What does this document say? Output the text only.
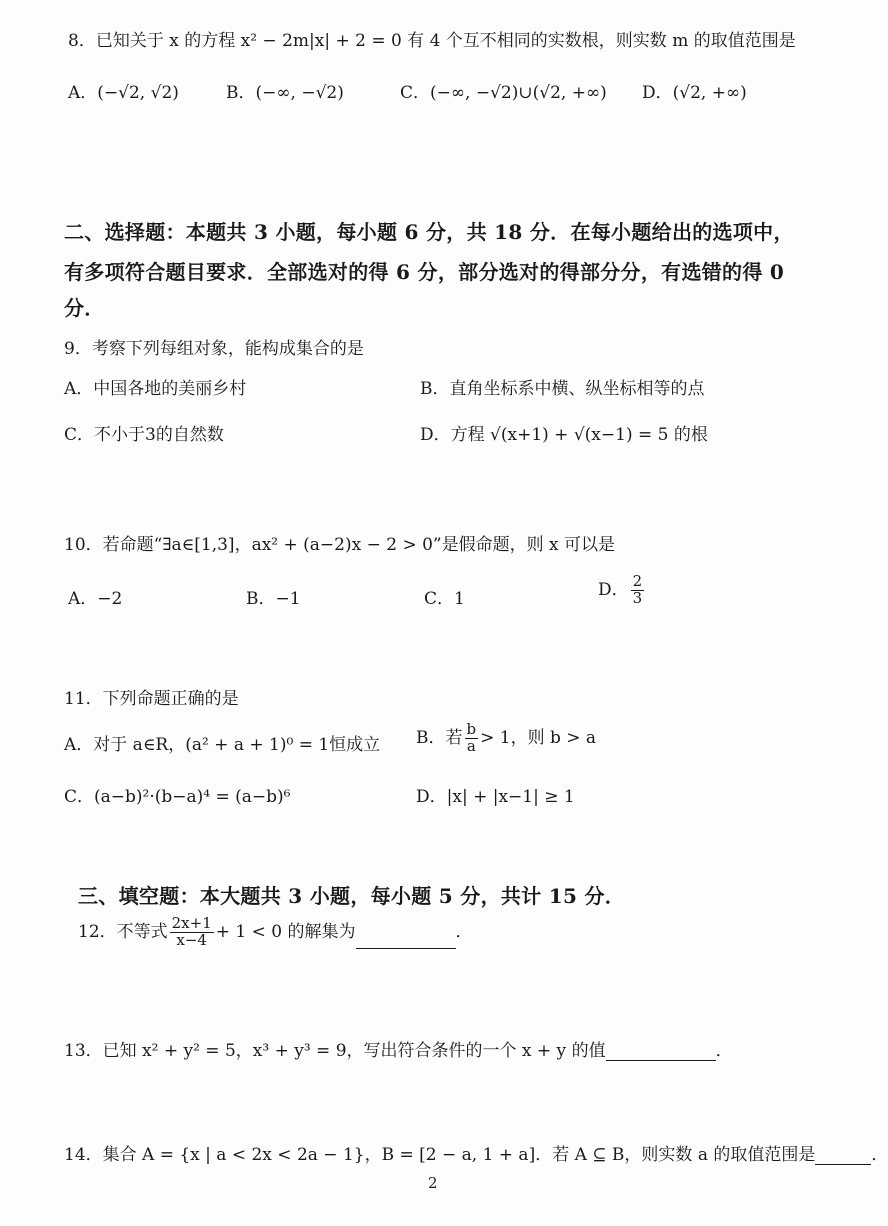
8．已知关于 x 的方程 x² − 2m|x| + 2 = 0 有 4 个互不相同的实数根，则实数 m 的取值范围是
A．(−√2, √2)	B．(−∞, −√2)	C．(−∞, −√2)∪(√2, +∞) D．(√2, +∞)
二、选择题：本题共 3 小题，每小题 6 分，共 18 分．在每小题给出的选项中，
有多项符合题目要求．全部选对的得 6 分，部分选对的得部分分，有选错的得 0
分．
9．考察下列每组对象，能构成集合的是
A．中国各地的美丽乡村	B．直角坐标系中横、纵坐标相等的点
C．不小于3的自然数	D．方程 √(x+1) + √(x−1) = 5 的根
10．若命题“∃a∈[1,3]，ax² + (a−2)x − 2 > 0”是假命题，则 x 可以是
A．−2	B．−1	C．1	D． $\frac{2}{3}$
11．下列命题正确的是
A．对于 a∈R，(a² + a + 1)⁰ = 1恒成立 B．若 $\frac{b}{a} > 1$，则 b > a
C．(a−b)²·(b−a)⁴ = (a−b)⁶	D．|x| + |x−1| ≥ 1
三、填空题：本大题共 3 小题，每小题 5 分，共计 15 分．
12．不等式 $\frac{2x+1}{x-4} + 1 < 0$ 的解集为	．
13．已知 x² + y² = 5，x³ + y³ = 9，写出符合条件的一个 x + y 的值	．
14．集合 A = {x | a < 2x < 2a − 1}，B = [2 − a, 1 + a]．若 A ⊆ B，则实数 a 的取值范围是	．
2
